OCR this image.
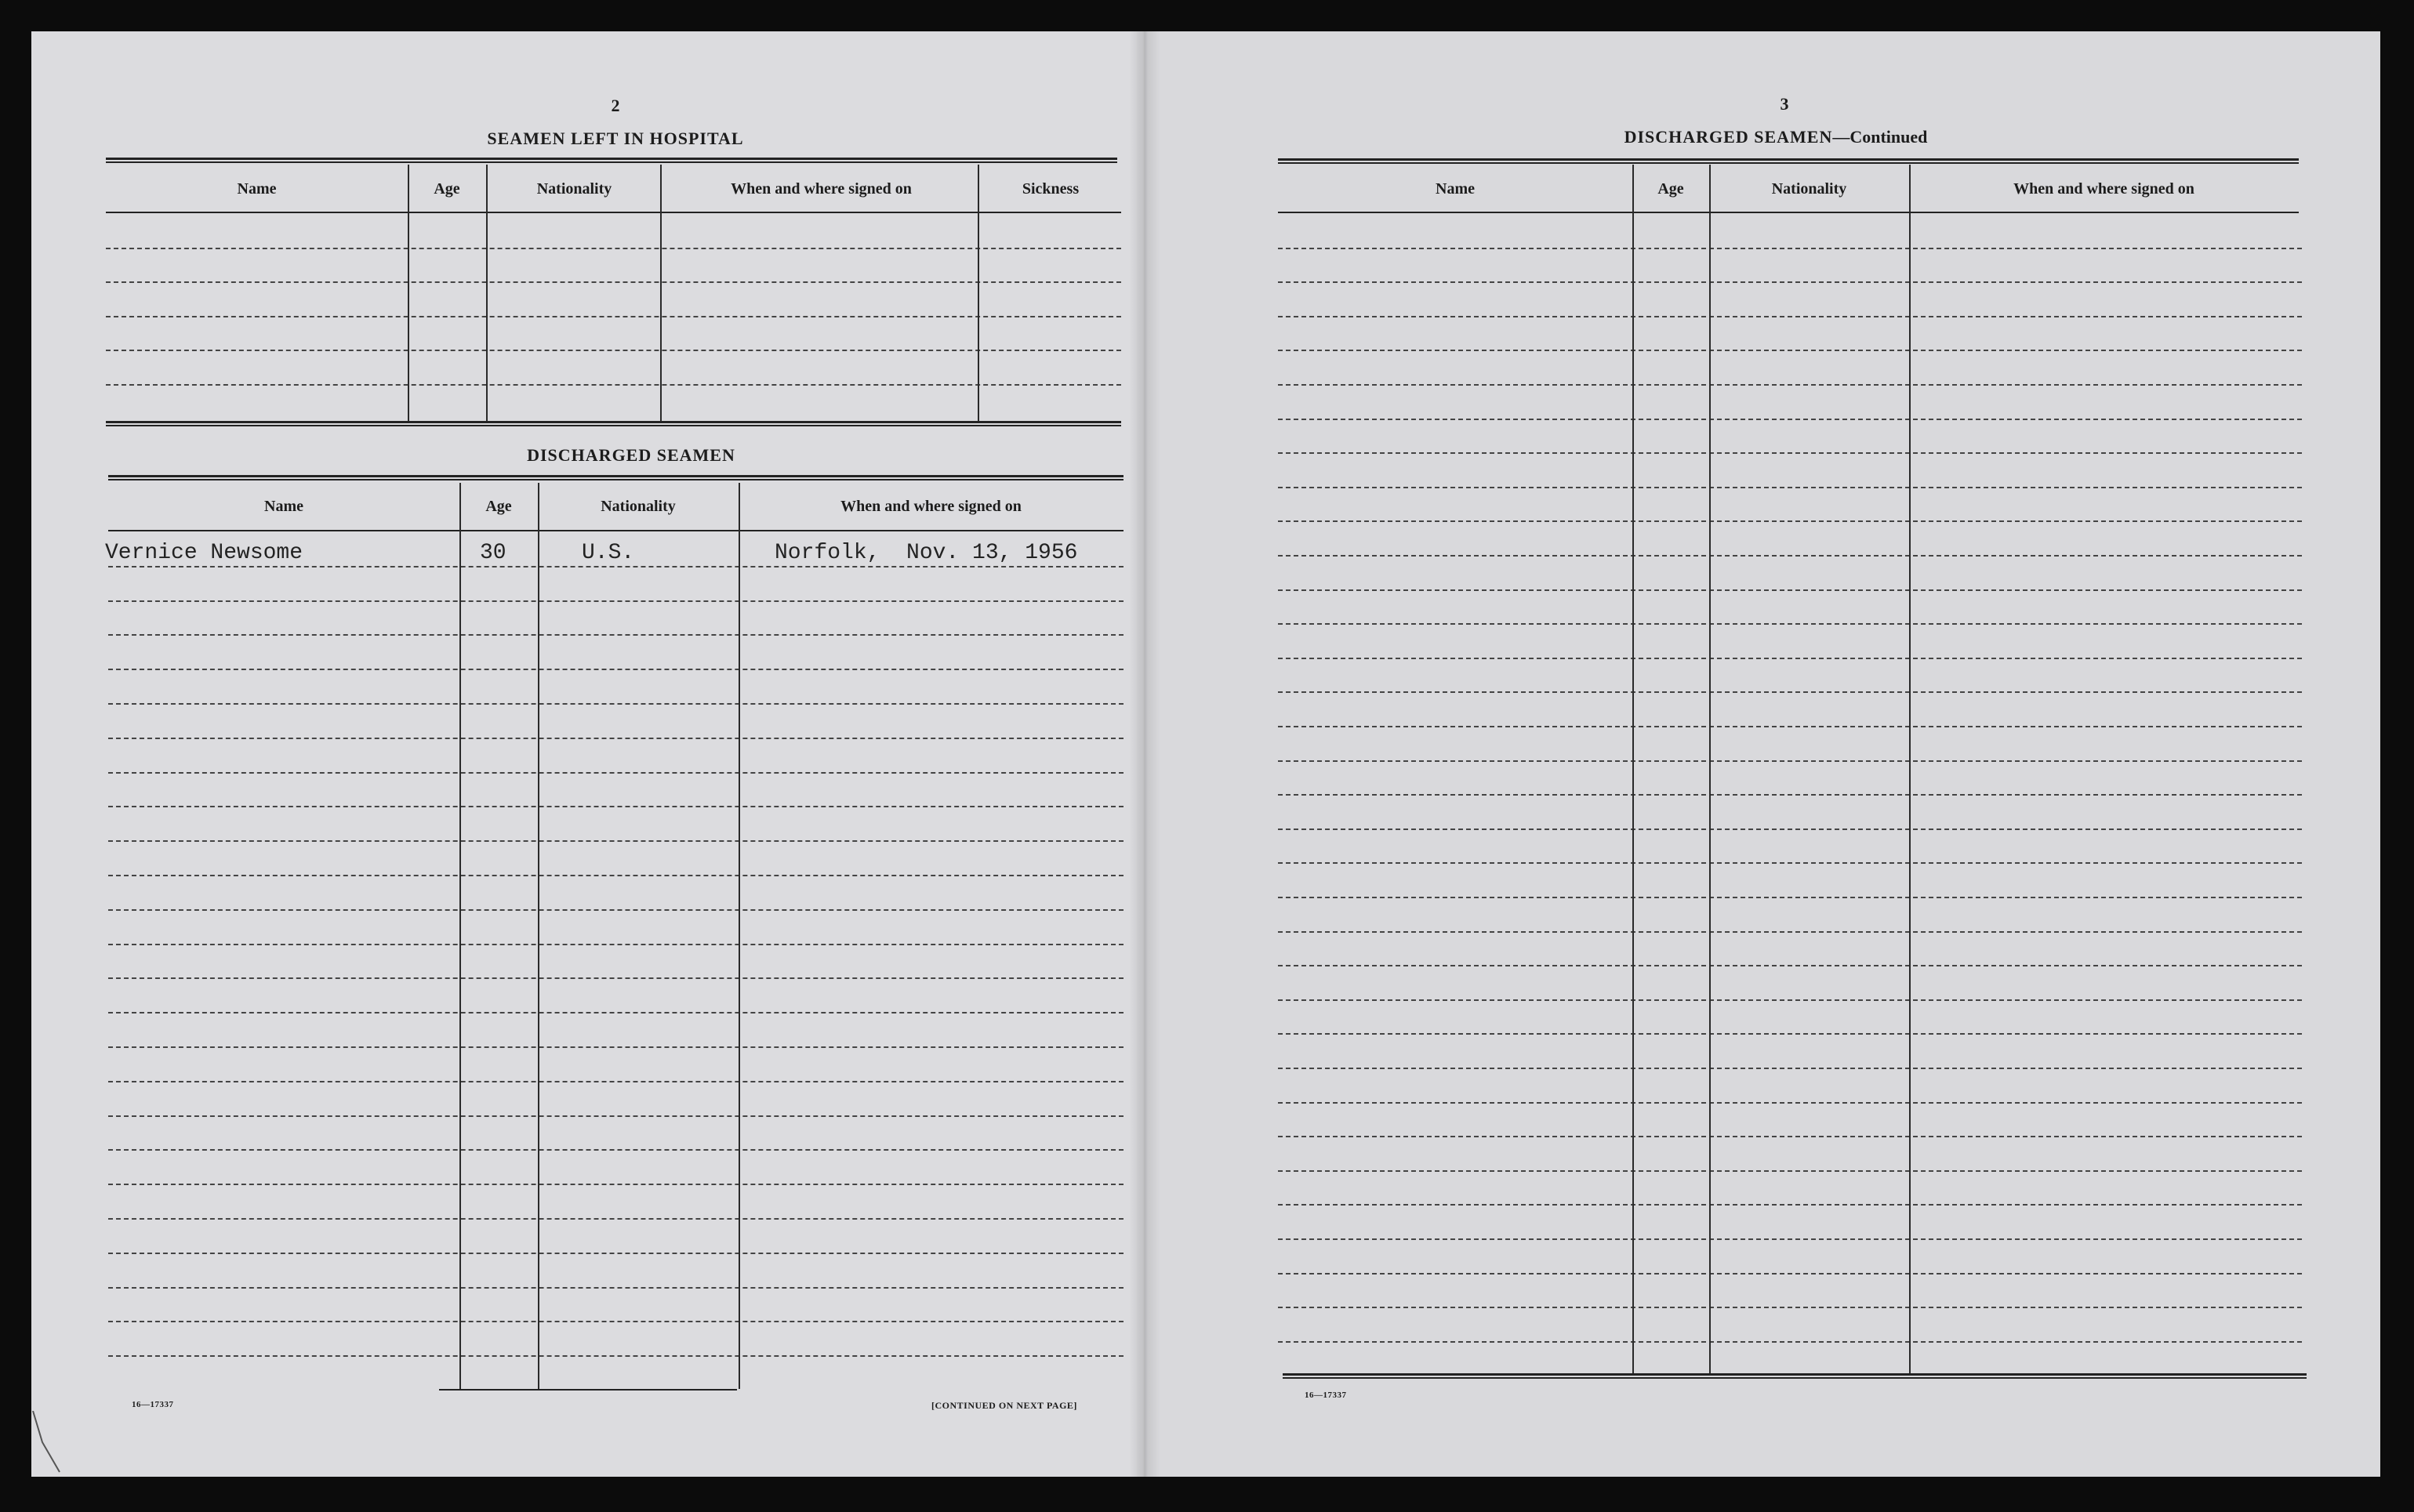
2
SEAMEN LEFT IN HOSPITAL
Name	Age	Nationality	When and where signed on	Sickness
DISCHARGED SEAMEN
Name	Age	Nationality	When and where signed on
Vernice Newsome	30	U.S.	Norfolk,  Nov. 13, 1956
16—17337	[CONTINUED ON NEXT PAGE]
3
DISCHARGED SEAMEN—Continued
Name	Age	Nationality	When and where signed on
16—17337
